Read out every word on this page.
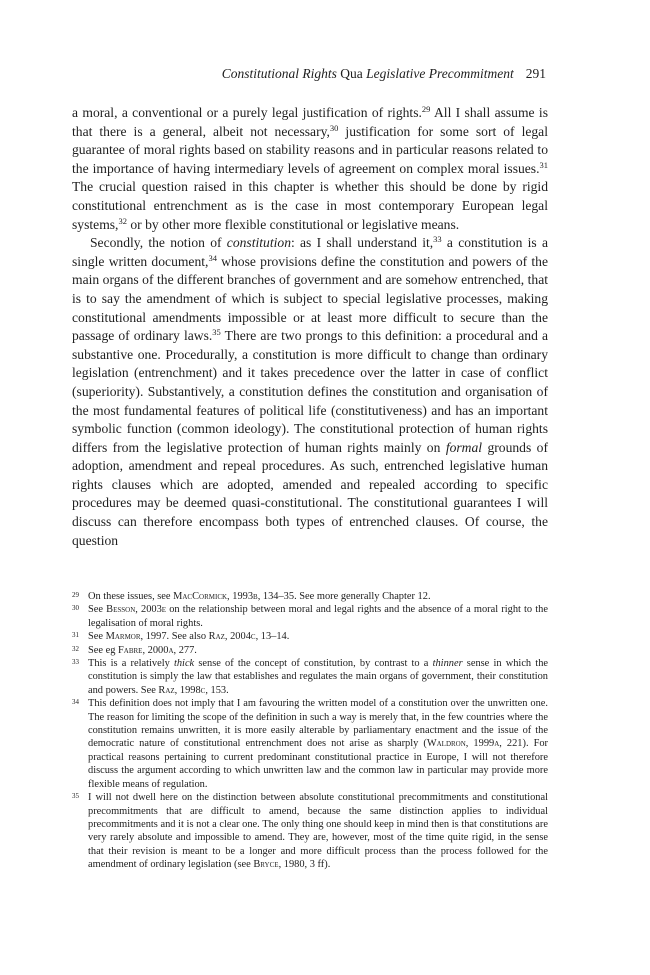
Constitutional Rights Qua Legislative Precommitment 291

a moral, a conventional or a purely legal justification of rights.$^{29}$ All I shall assume is that there is a general, albeit not necessary,$^{30}$ justification for some sort of legal guarantee of moral rights based on stability reasons and in particular reasons related to the importance of having intermediary levels of agreement on complex moral issues.$^{31}$ The crucial question raised in this chapter is whether this should be done by rigid constitutional entrenchment as is the case in most contemporary European legal systems,$^{32}$ or by other more flexible constitutional or legislative means.

Secondly, the notion of constitution: as I shall understand it,$^{33}$ a constitution is a single written document,$^{34}$ whose provisions define the constitution and powers of the main organs of the different branches of government and are somehow entrenched, that is to say the amendment of which is subject to special legislative processes, making constitutional amendments impossible or at least more difficult to secure than the passage of ordinary laws.$^{35}$ There are two prongs to this definition: a procedural and a substantive one. Procedurally, a constitution is more difficult to change than ordinary legislation (entrenchment) and it takes precedence over the latter in case of conflict (superiority). Substantively, a constitution defines the constitution and organisation of the most fundamental features of political life (constitutiveness) and has an important symbolic function (common ideology). The constitutional protection of human rights differs from the legislative protection of human rights mainly on formal grounds of adoption, amendment and repeal procedures. As such, entrenched legislative human rights clauses which are adopted, amended and repealed according to specific procedures may be deemed quasi-constitutional. The constitutional guarantees I will discuss can therefore encompass both types of entrenched clauses. Of course, the question

29 On these issues, see MacCormick, 1993b, 134–35. See more generally Chapter 12.
30 See Besson, 2003e on the relationship between moral and legal rights and the absence of a moral right to the legalisation of moral rights.
31 See Marmor, 1997. See also Raz, 2004c, 13–14.
32 See eg Fabre, 2000a, 277.
33 This is a relatively thick sense of the concept of constitution, by contrast to a thinner sense in which the constitution is simply the law that establishes and regulates the main organs of government, their constitution and powers. See Raz, 1998c, 153.
34 This definition does not imply that I am favouring the written model of a constitution over the unwritten one. The reason for limiting the scope of the definition in such a way is merely that, in the few countries where the constitution remains unwritten, it is more easily alterable by parliamentary enactment and the issue of the democratic nature of constitutional entrenchment does not arise as sharply (Waldron, 1999a, 221). For practical reasons pertaining to current predominant constitutional practice in Europe, I will not therefore discuss the argument according to which unwritten law and the common law in particular may provide more flexible means of regulation.
35 I will not dwell here on the distinction between absolute constitutional precommitments and constitutional precommitments that are difficult to amend, because the same distinction applies to individual precommitments and it is not a clear one. The only thing one should keep in mind then is that constitutions are very rarely absolute and impossible to amend. They are, however, most of the time quite rigid, in the sense that their revision is meant to be a longer and more difficult process than the process followed for the amendment of ordinary legislation (see Bryce, 1980, 3 ff).
